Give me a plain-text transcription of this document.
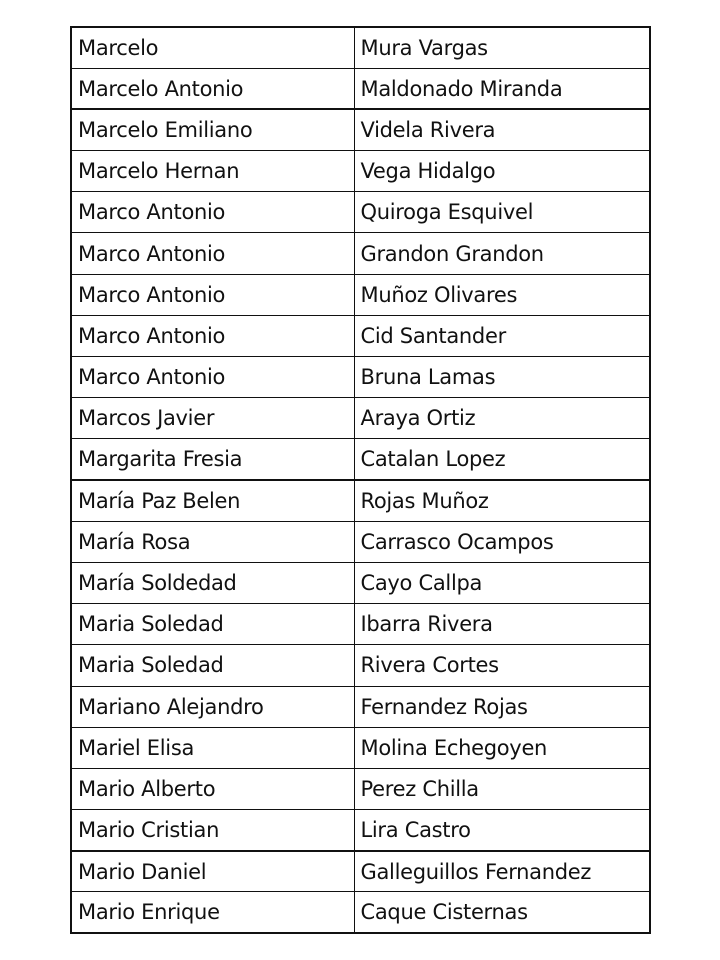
Marcelo	Mura Vargas
Marcelo Antonio	Maldonado Miranda
Marcelo Emiliano	Videla Rivera
Marcelo Hernan	Vega Hidalgo
Marco Antonio	Quiroga Esquivel
Marco Antonio	Grandon Grandon
Marco Antonio	Muñoz Olivares
Marco Antonio	Cid Santander
Marco Antonio	Bruna Lamas
Marcos Javier	Araya Ortiz
Margarita Fresia	Catalan Lopez
María Paz Belen	Rojas Muñoz
María Rosa	Carrasco Ocampos
María Soldedad	Cayo Callpa
Maria Soledad	Ibarra Rivera
Maria Soledad	Rivera Cortes
Mariano Alejandro	Fernandez Rojas
Mariel Elisa	Molina Echegoyen
Mario Alberto	Perez Chilla
Mario Cristian	Lira Castro
Mario Daniel	Galleguillos Fernandez
Mario Enrique	Caque Cisternas
